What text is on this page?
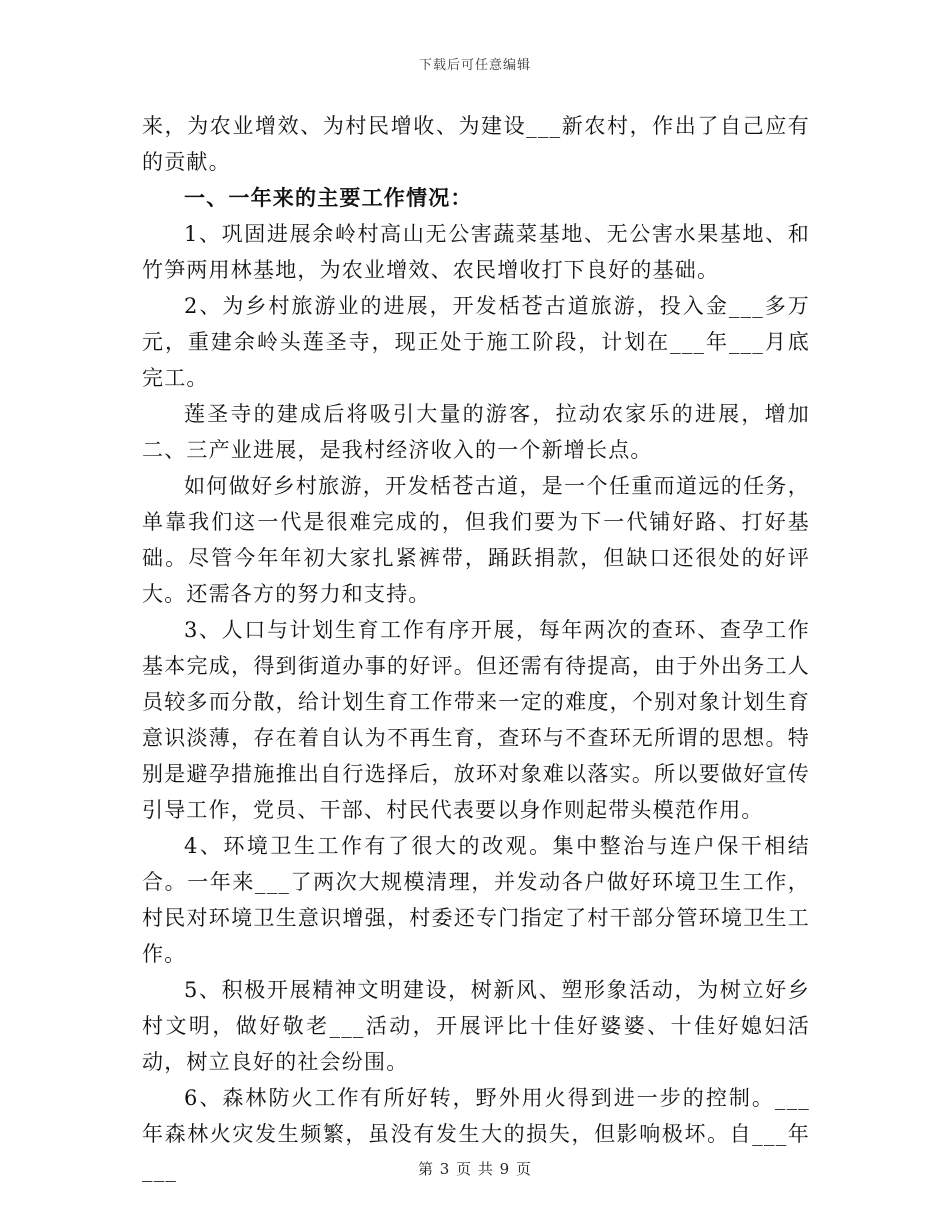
下载后可任意编辑

来，为农业增效、为村民增收、为建设___新农村，作出了自己应有的贡献。

一、一年来的主要工作情况：

1、巩固进展余岭村高山无公害蔬菜基地、无公害水果基地、和竹笋两用林基地，为农业增效、农民增收打下良好的基础。

2、为乡村旅游业的进展，开发栝苍古道旅游，投入金___多万元，重建余岭头莲圣寺，现正处于施工阶段，计划在___年___月底完工。

莲圣寺的建成后将吸引大量的游客，拉动农家乐的进展，增加二、三产业进展，是我村经济收入的一个新增长点。

如何做好乡村旅游，开发栝苍古道，是一个任重而道远的任务，单靠我们这一代是很难完成的，但我们要为下一代铺好路、打好基础。尽管今年年初大家扎紧裤带，踊跃捐款，但缺口还很处的好评大。还需各方的努力和支持。

3、人口与计划生育工作有序开展，每年两次的查环、查孕工作基本完成，得到街道办事的好评。但还需有待提高，由于外出务工人员较多而分散，给计划生育工作带来一定的难度，个别对象计划生育意识淡薄，存在着自认为不再生育，查环与不查环无所谓的思想。特别是避孕措施推出自行选择后，放环对象难以落实。所以要做好宣传引导工作，党员、干部、村民代表要以身作则起带头模范作用。

4、环境卫生工作有了很大的改观。集中整治与连户保干相结合。一年来___了两次大规模清理，并发动各户做好环境卫生工作，村民对环境卫生意识增强，村委还专门指定了村干部分管环境卫生工作。

5、积极开展精神文明建设，树新风、塑形象活动，为树立好乡村文明，做好敬老___活动，开展评比十佳好婆婆、十佳好媳妇活动，树立良好的社会纷围。

6、森林防火工作有所好转，野外用火得到进一步的控制。___年森林火灾发生频繁，虽没有发生大的损失，但影响极坏。自___年___	第 3 页 共 9 页
